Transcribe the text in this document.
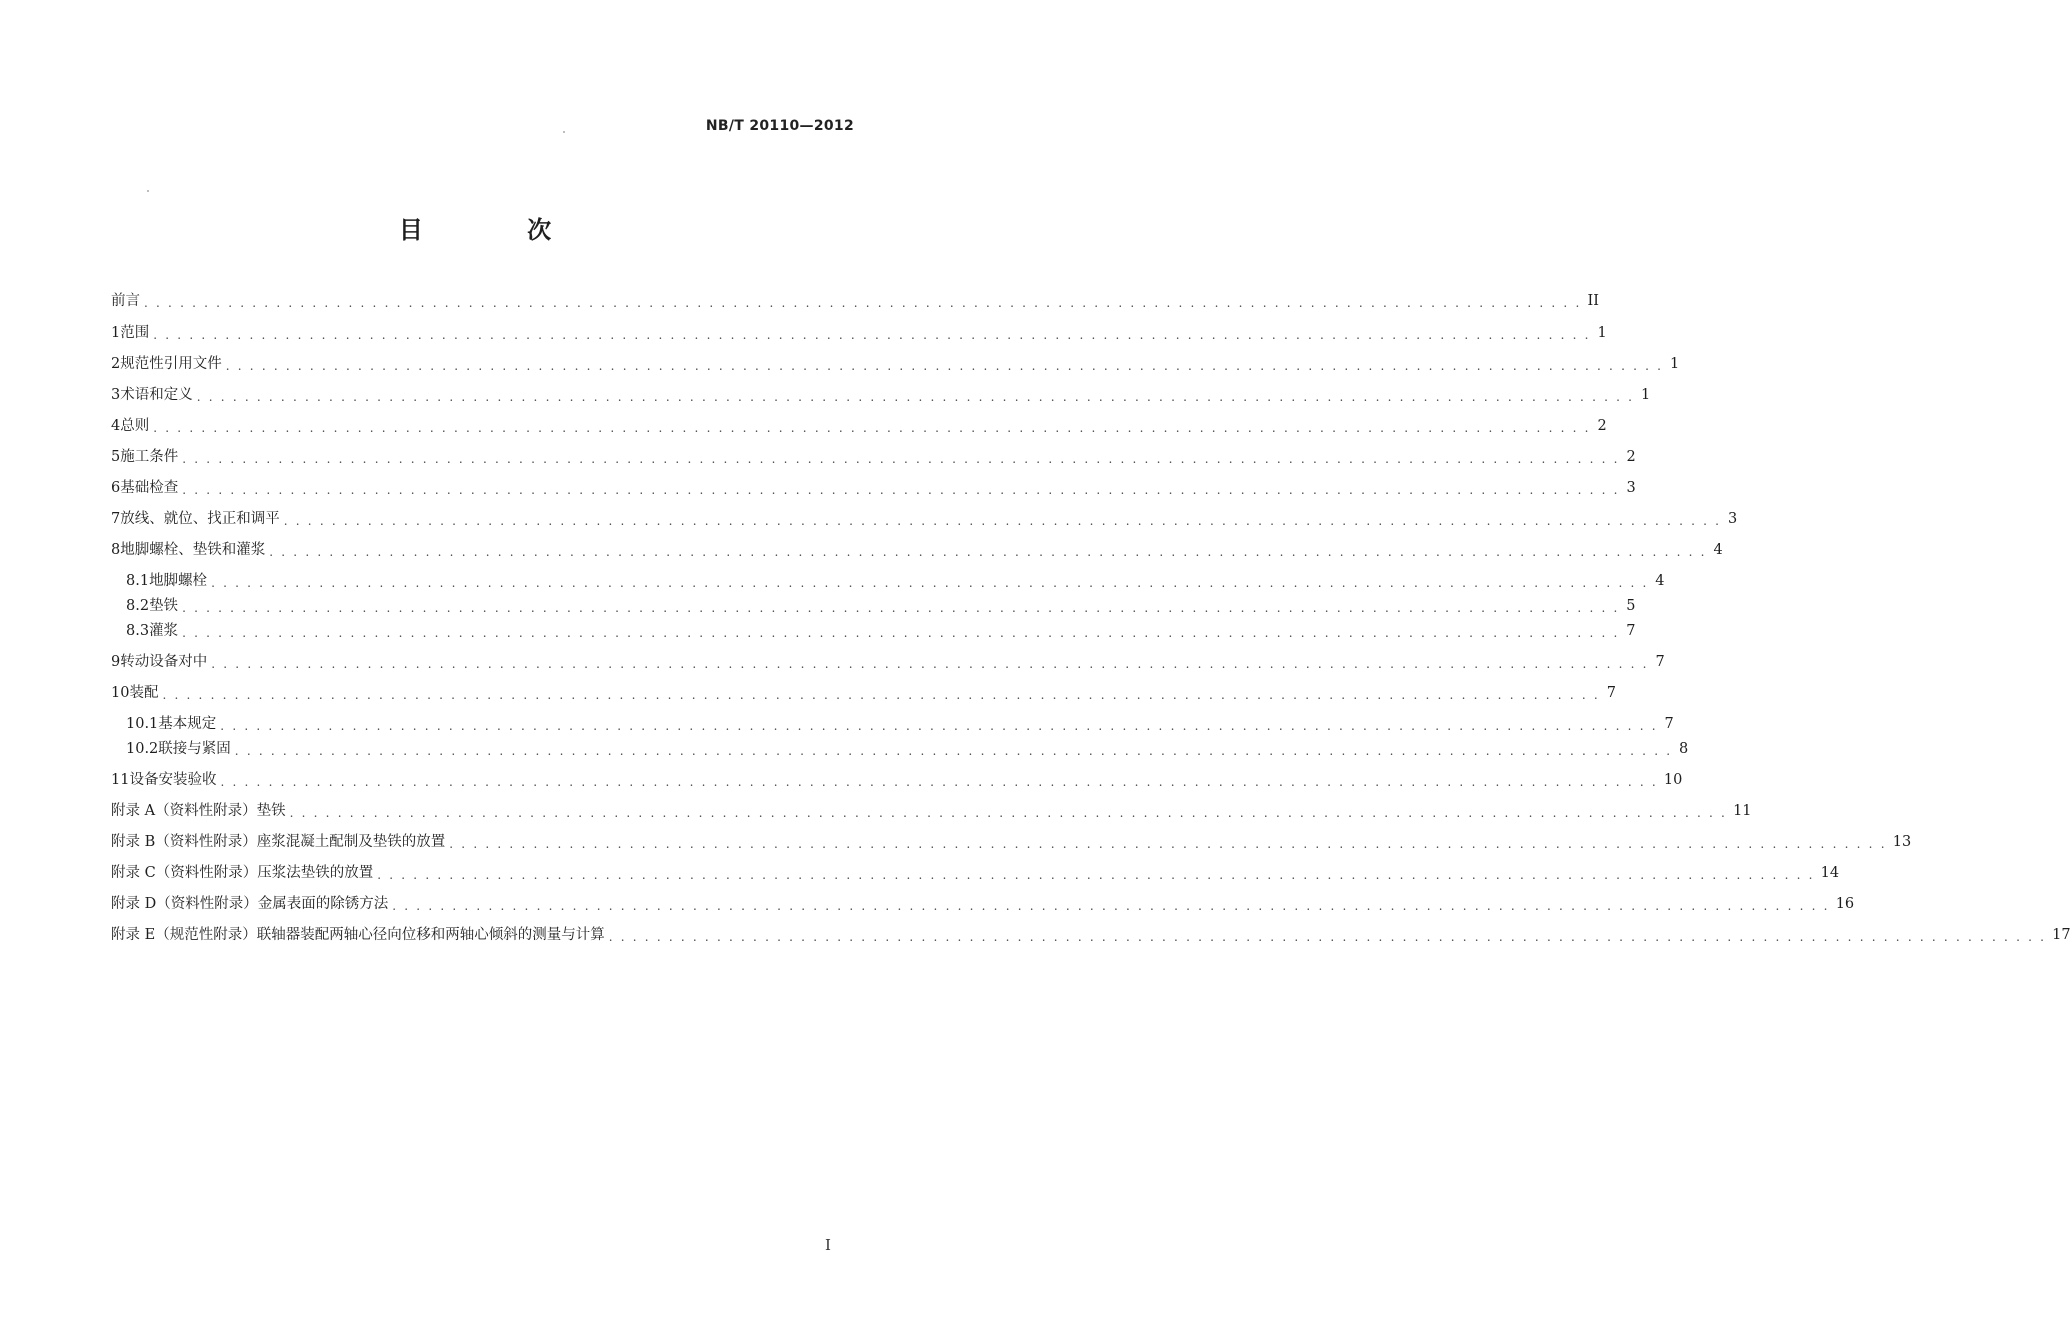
NB/T 20110—2012
目 次
前言 . . . . . . . . . . . . . . . . . . . . . . . . . . . . . . . . . . . . . . . . . . . . . . . . . . . . . . . . . . . . . . . . . . . . . . . . . . . . . . . . . . . . . . . . . . . . . . . . . . . . . . . . . . . . . . . . . . . . . . . . II
1 范围 . . . . . . . . . . . . . . . . . . . . . . . . . . . . . . . . . . . . . . . . . . . . . . . . . . . . . . . . . . . . . . . . . . . . . . . . . . . . . . . . . . . . . . . . . . . . . . . . . . . . . . . . . . . . . . . . . . . . . . . . 1
2 规范性引用文件 . . . . . . . . . . . . . . . . . . . . . . . . . . . . . . . . . . . . . . . . . . . . . . . . . . . . . . . . . . . . . . . . . . . . . . . . . . . . . . . . . . . . . . . . . . . . . . . . . . . . . . . . . . . . . . . . . . . . . . . . 1
3 术语和定义 . . . . . . . . . . . . . . . . . . . . . . . . . . . . . . . . . . . . . . . . . . . . . . . . . . . . . . . . . . . . . . . . . . . . . . . . . . . . . . . . . . . . . . . . . . . . . . . . . . . . . . . . . . . . . . . . . . . . . . . . 1
4 总则 . . . . . . . . . . . . . . . . . . . . . . . . . . . . . . . . . . . . . . . . . . . . . . . . . . . . . . . . . . . . . . . . . . . . . . . . . . . . . . . . . . . . . . . . . . . . . . . . . . . . . . . . . . . . . . . . . . . . . . . . 2
5 施工条件 . . . . . . . . . . . . . . . . . . . . . . . . . . . . . . . . . . . . . . . . . . . . . . . . . . . . . . . . . . . . . . . . . . . . . . . . . . . . . . . . . . . . . . . . . . . . . . . . . . . . . . . . . . . . . . . . . . . . . . . . 2
6 基础检查 . . . . . . . . . . . . . . . . . . . . . . . . . . . . . . . . . . . . . . . . . . . . . . . . . . . . . . . . . . . . . . . . . . . . . . . . . . . . . . . . . . . . . . . . . . . . . . . . . . . . . . . . . . . . . . . . . . . . . . . . 3
7 放线、就位、找正和调平 . . . . . . . . . . . . . . . . . . . . . . . . . . . . . . . . . . . . . . . . . . . . . . . . . . . . . . . . . . . . . . . . . . . . . . . . . . . . . . . . . . . . . . . . . . . . . . . . . . . . . . . . . . . . . . . . . . . . . . . . 3
8 地脚螺栓、垫铁和灌浆 . . . . . . . . . . . . . . . . . . . . . . . . . . . . . . . . . . . . . . . . . . . . . . . . . . . . . . . . . . . . . . . . . . . . . . . . . . . . . . . . . . . . . . . . . . . . . . . . . . . . . . . . . . . . . . . . . . . . . . . . 4
8.1 地脚螺栓 . . . . . . . . . . . . . . . . . . . . . . . . . . . . . . . . . . . . . . . . . . . . . . . . . . . . . . . . . . . . . . . . . . . . . . . . . . . . . . . . . . . . . . . . . . . . . . . . . . . . . . . . . . . . . . . . . . . . . . . . 4
8.2 垫铁 . . . . . . . . . . . . . . . . . . . . . . . . . . . . . . . . . . . . . . . . . . . . . . . . . . . . . . . . . . . . . . . . . . . . . . . . . . . . . . . . . . . . . . . . . . . . . . . . . . . . . . . . . . . . . . . . . . . . . . . . 5
8.3 灌浆 . . . . . . . . . . . . . . . . . . . . . . . . . . . . . . . . . . . . . . . . . . . . . . . . . . . . . . . . . . . . . . . . . . . . . . . . . . . . . . . . . . . . . . . . . . . . . . . . . . . . . . . . . . . . . . . . . . . . . . . . 7
9 转动设备对中 . . . . . . . . . . . . . . . . . . . . . . . . . . . . . . . . . . . . . . . . . . . . . . . . . . . . . . . . . . . . . . . . . . . . . . . . . . . . . . . . . . . . . . . . . . . . . . . . . . . . . . . . . . . . . . . . . . . . . . . . 7
10 装配 . . . . . . . . . . . . . . . . . . . . . . . . . . . . . . . . . . . . . . . . . . . . . . . . . . . . . . . . . . . . . . . . . . . . . . . . . . . . . . . . . . . . . . . . . . . . . . . . . . . . . . . . . . . . . . . . . . . . . . . . 7
10.1 基本规定 . . . . . . . . . . . . . . . . . . . . . . . . . . . . . . . . . . . . . . . . . . . . . . . . . . . . . . . . . . . . . . . . . . . . . . . . . . . . . . . . . . . . . . . . . . . . . . . . . . . . . . . . . . . . . . . . . . . . . . . . 7
10.2 联接与紧固 . . . . . . . . . . . . . . . . . . . . . . . . . . . . . . . . . . . . . . . . . . . . . . . . . . . . . . . . . . . . . . . . . . . . . . . . . . . . . . . . . . . . . . . . . . . . . . . . . . . . . . . . . . . . . . . . . . . . . . . . 8
11 设备安装验收 . . . . . . . . . . . . . . . . . . . . . . . . . . . . . . . . . . . . . . . . . . . . . . . . . . . . . . . . . . . . . . . . . . . . . . . . . . . . . . . . . . . . . . . . . . . . . . . . . . . . . . . . . . . . . . . . . . . . . . . . 10
附录 A（资料性附录） 垫铁 . . . . . . . . . . . . . . . . . . . . . . . . . . . . . . . . . . . . . . . . . . . . . . . . . . . . . . . . . . . . . . . . . . . . . . . . . . . . . . . . . . . . . . . . . . . . . . . . . . . . . . . . . . . . . . . . . . . . . . . . 11
附录 B（资料性附录） 座浆混凝土配制及垫铁的放置 . . . . . . . . . . . . . . . . . . . . . . . . . . . . . . . . . . . . . . . . . . . . . . . . . . . . . . . . . . . . . . . . . . . . . . . . . . . . . . . . . . . . . . . . . . . . . . . . . . . . . . . . . . . . . . . . . . . . . . . . 13
附录 C（资料性附录） 压浆法垫铁的放置 . . . . . . . . . . . . . . . . . . . . . . . . . . . . . . . . . . . . . . . . . . . . . . . . . . . . . . . . . . . . . . . . . . . . . . . . . . . . . . . . . . . . . . . . . . . . . . . . . . . . . . . . . . . . . . . . . . . . . . . . 14
附录 D（资料性附录） 金属表面的除锈方法 . . . . . . . . . . . . . . . . . . . . . . . . . . . . . . . . . . . . . . . . . . . . . . . . . . . . . . . . . . . . . . . . . . . . . . . . . . . . . . . . . . . . . . . . . . . . . . . . . . . . . . . . . . . . . . . . . . . . . . . . 16
附录 E（规范性附录） 联轴器装配两轴心径向位移和两轴心倾斜的测量与计算 . . . . . . . . . . . . . . . . . . . . . . . . . . . . . . . . . . . . . . . . . . . . . . . . . . . . . . . . . . . . . . . . . . . . . . . . . . . . . . . . . . . . . . . . . . . . . . . . . . . . . . . . . . . . . . . . . . . . . . . . 17
I
